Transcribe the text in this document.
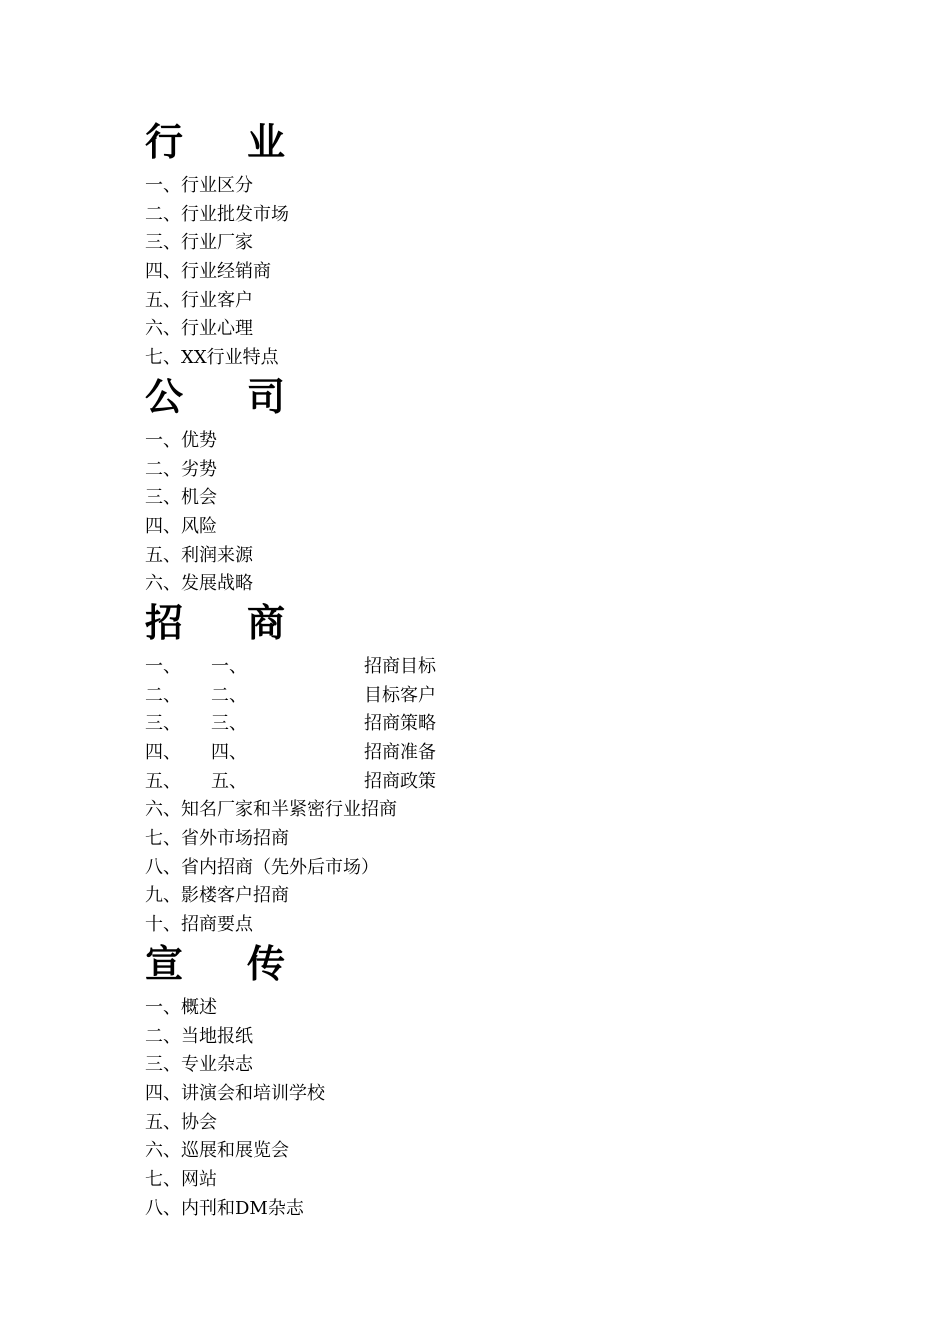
行 业
一、行业区分
二、行业批发市场
三、行业厂家
四、行业经销商
五、行业客户
六、行业心理
七、XX行业特点
公 司
一、优势
二、劣势
三、机会
四、风险
五、利润来源
六、发展战略
招 商
一、 一、	招商目标
二、 二、	目标客户
三、 三、	招商策略
四、 四、	招商准备
五、 五、	招商政策
六、知名厂家和半紧密行业招商
七、省外市场招商
八、省内招商（先外后市场）
九、影楼客户招商
十、招商要点
宣 传
一、概述
二、当地报纸
三、专业杂志
四、讲演会和培训学校
五、协会
六、巡展和展览会
七、网站
八、内刊和DM杂志
